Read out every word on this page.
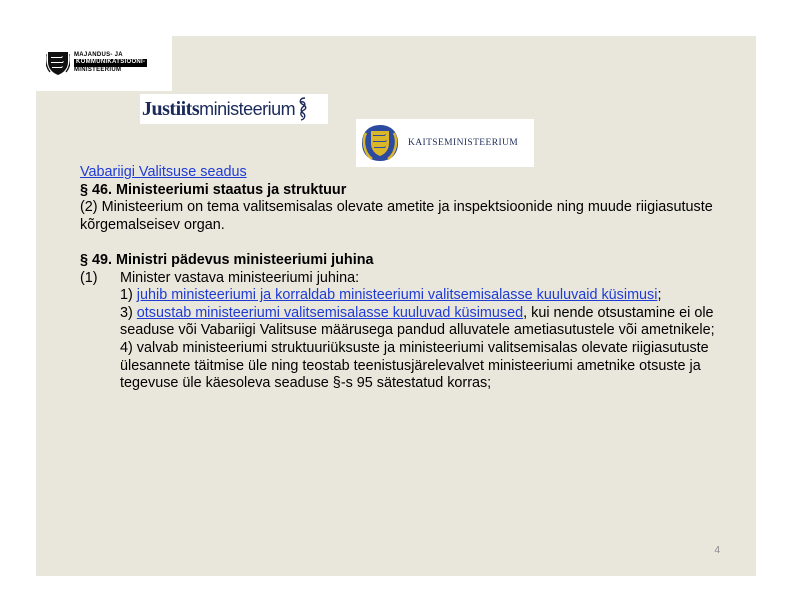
MAJANDUS- JA
KOMMUNIKATSIOONI-
MINISTEERIUM
Justiits ministeerium
KAITSEMINISTEERIUM
Vabariigi Valitsuse seadus
§ 46. Ministeeriumi staatus ja struktuur
(2) Ministeerium on tema valitsemisalas olevate ametite ja inspektsioonide ning muude riigiasutuste kõrgemalseisev organ.
§ 49. Ministri pädevus ministeeriumi juhina
(1)	Minister vastava ministeeriumi juhina:
1) juhib ministeeriumi ja korraldab ministeeriumi valitsemisalasse kuuluvaid küsimusi;
3) otsustab ministeeriumi valitsemisalasse kuuluvad küsimused, kui nende otsustamine ei ole seaduse või Vabariigi Valitsuse määrusega pandud alluvatele ametiasutustele või ametnikele;
4) valvab ministeeriumi struktuuriüksuste ja ministeeriumi valitsemisalas olevate riigiasutuste ülesannete täitmise üle ning teostab teenistusjärelevalvet ministeeriumi ametnike otsuste ja tegevuse üle käesoleva seaduse §-s 95 sätestatud korras;
4
